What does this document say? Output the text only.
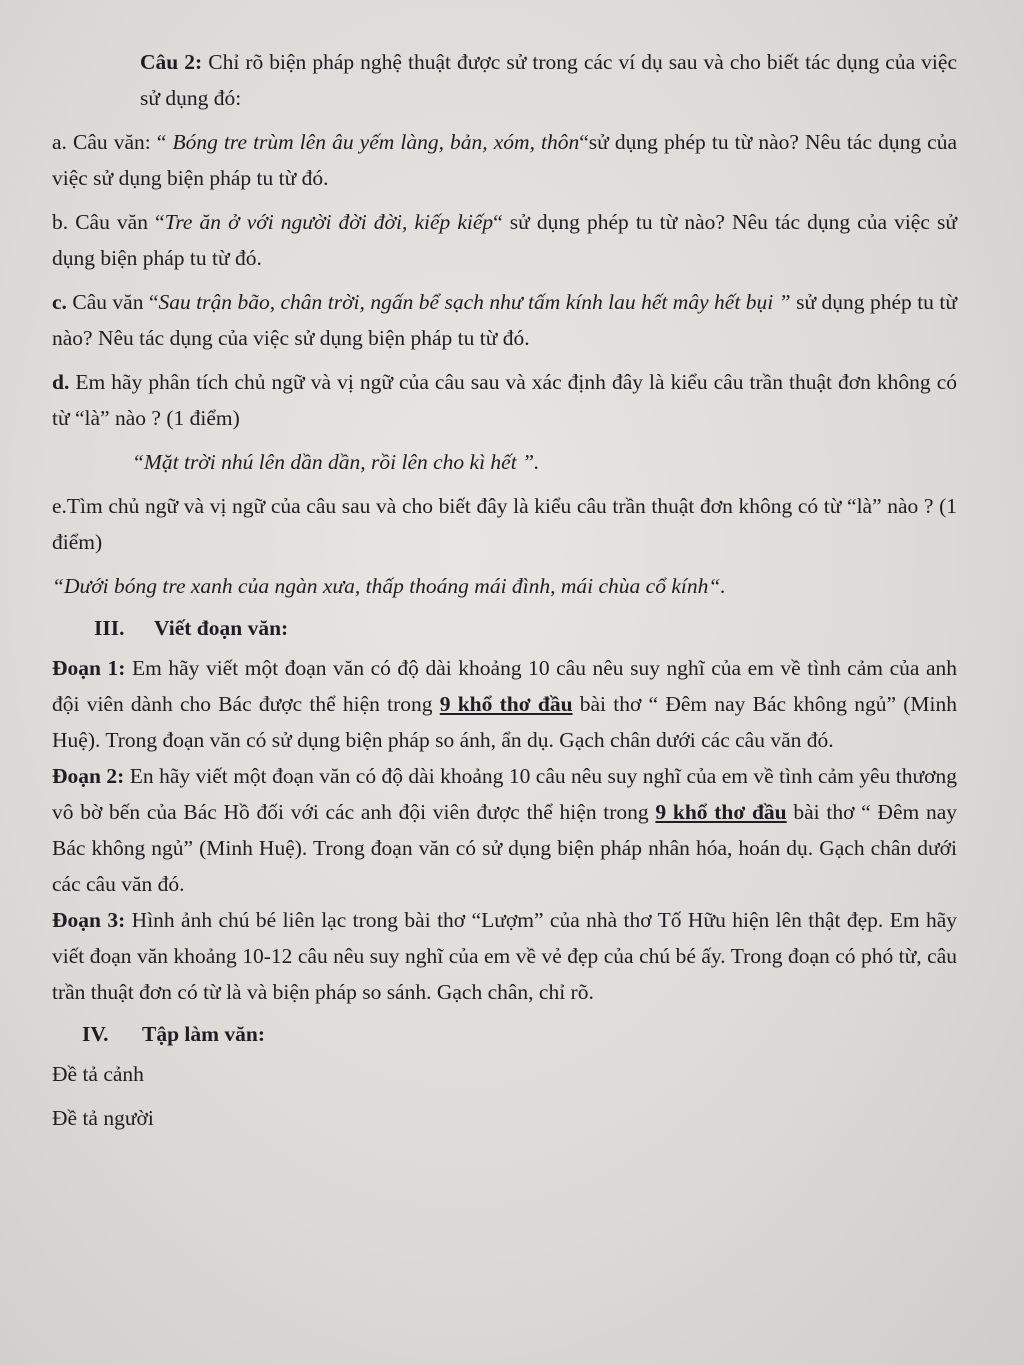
Câu 2: Chỉ rõ biện pháp nghệ thuật được sử trong các ví dụ sau và cho biết tác dụng của việc sử dụng đó:

a. Câu văn: “ Bóng tre trùm lên âu yếm làng, bản, xóm, thôn“sử dụng phép tu từ nào? Nêu tác dụng của việc sử dụng biện pháp tu từ đó.

b. Câu văn “Tre ăn ở với người đời đời, kiếp kiếp“ sử dụng phép tu từ nào? Nêu tác dụng của việc sử dụng biện pháp tu từ đó.

c. Câu văn “Sau trận bão, chân trời, ngấn bể sạch như tấm kính lau hết mây hết bụi ” sử dụng phép tu từ nào? Nêu tác dụng của việc sử dụng biện pháp tu từ đó.

d. Em hãy phân tích chủ ngữ và vị ngữ của câu sau và xác định đây là kiểu câu trần thuật đơn không có từ “là” nào ? (1 điểm)

“Mặt trời nhú lên dần dần, rồi lên cho kì hết ”.

e.Tìm chủ ngữ và vị ngữ của câu sau và cho biết đây là kiểu câu trần thuật đơn không có từ “là” nào ? (1 điểm)

“Dưới bóng tre xanh của ngàn xưa, thấp thoáng mái đình, mái chùa cổ kính“.

III. Viết đoạn văn:

Đoạn 1: Em hãy viết một đoạn văn có độ dài khoảng 10 câu nêu suy nghĩ của em về tình cảm của anh đội viên dành cho Bác được thể hiện trong 9 khổ thơ đầu bài thơ “ Đêm nay Bác không ngủ” (Minh Huệ). Trong đoạn văn có sử dụng biện pháp so ánh, ẩn dụ. Gạch chân dưới các câu văn đó.

Đoạn 2: En hãy viết một đoạn văn có độ dài khoảng 10 câu nêu suy nghĩ của em về tình cảm yêu thương vô bờ bến của Bác Hồ đối với các anh đội viên được thể hiện trong 9 khổ thơ đầu bài thơ “ Đêm nay Bác không ngủ” (Minh Huệ). Trong đoạn văn có sử dụng biện pháp nhân hóa, hoán dụ. Gạch chân dưới các câu văn đó.

Đoạn 3: Hình ảnh chú bé liên lạc trong bài thơ “Lượm” của nhà thơ Tố Hữu hiện lên thật đẹp. Em hãy viết đoạn văn khoảng 10-12 câu nêu suy nghĩ của em về vẻ đẹp của chú bé ấy. Trong đoạn có phó từ, câu trần thuật đơn có từ là và biện pháp so sánh. Gạch chân, chỉ rõ.

IV. Tập làm văn:

Đề tả cảnh

Đề tả người
